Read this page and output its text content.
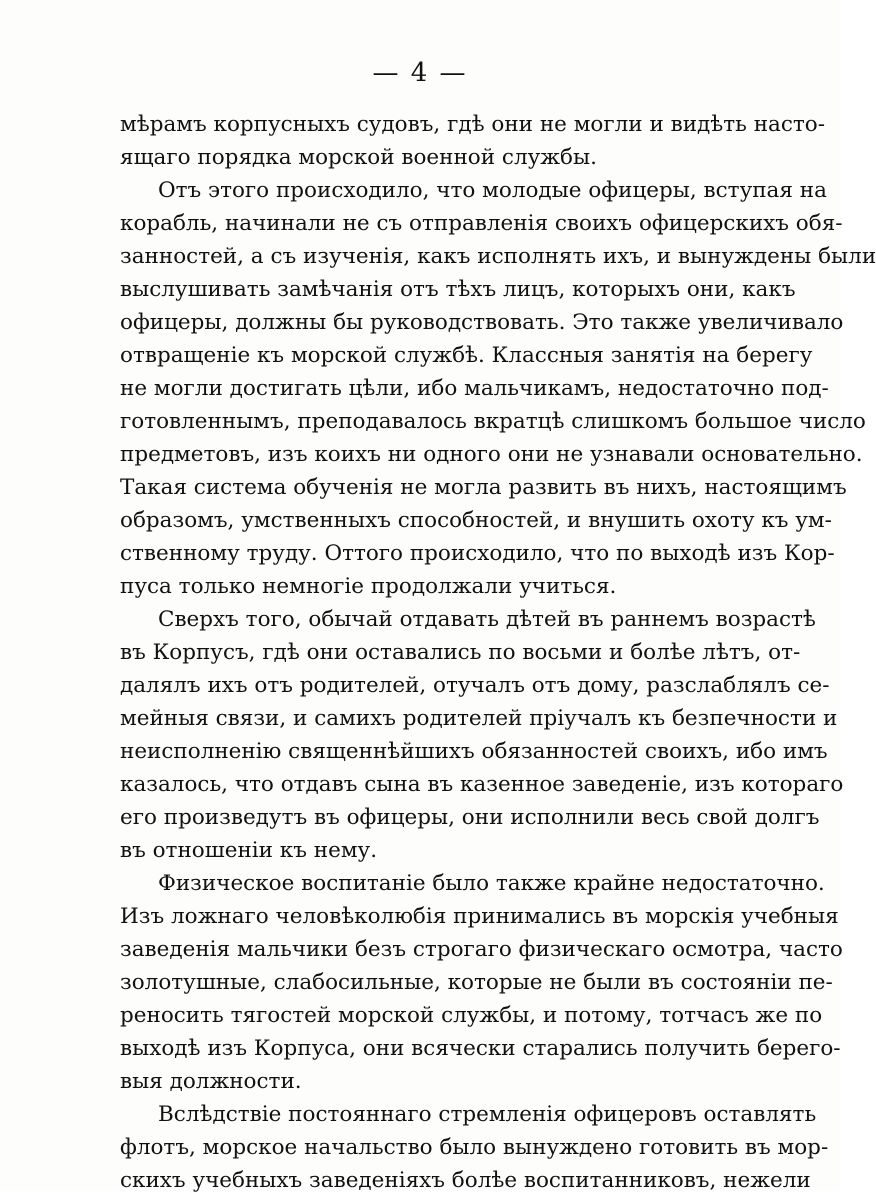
— 4 —
мѣрамъ корпусныхъ судовъ, гдѣ они не могли и видѣть насто-
ящаго порядка морской военной службы.
Отъ этого происходило, что молодые офицеры, вступая на
корабль, начинали не съ отправленія своихъ офицерскихъ обя-
занностей, а съ изученія, какъ исполнять ихъ, и вынуждены были
выслушивать замѣчанія отъ тѣхъ лицъ, которыхъ они, какъ
офицеры, должны бы руководствовать. Это также увеличивало
отвращеніе къ морской службѣ. Классныя занятія на берегу
не могли достигать цѣли, ибо мальчикамъ, недостаточно под-
готовленнымъ, преподавалось вкратцѣ слишкомъ большое число
предметовъ, изъ коихъ ни одного они не узнавали основательно.
Такая система обученія не могла развить въ нихъ, настоящимъ
образомъ, умственныхъ способностей, и внушить охоту къ ум-
ственному труду. Оттого происходило, что по выходѣ изъ Кор-
пуса только немногіе продолжали учиться.
Сверхъ того, обычай отдавать дѣтей въ раннемъ возрастѣ
въ Корпусъ, гдѣ они оставались по восьми и болѣе лѣтъ, от-
далялъ ихъ отъ родителей, отучалъ отъ дому, разслаблялъ се-
мейныя связи, и самихъ родителей пріучалъ къ безпечности и
неисполненію священнѣйшихъ обязанностей своихъ, ибо имъ
казалось, что отдавъ сына въ казенное заведеніе, изъ котораго
его произведутъ въ офицеры, они исполнили весь свой долгъ
въ отношеніи къ нему.
Физическое воспитаніе было также крайне недостаточно.
Изъ ложнаго человѣколюбія принимались въ морскія учебныя
заведенія мальчики безъ строгаго физическаго осмотра, часто
золотушные, слабосильные, которые не были въ состояніи пе-
реносить тягостей морской службы, и потому, тотчасъ же по
выходѣ изъ Корпуса, они всячески старались получить берего-
выя должности.
Вслѣдствіе постояннаго стремленія офицеровъ оставлять
флотъ, морское начальство было вынуждено готовить въ мор-
скихъ учебныхъ заведеніяхъ болѣе воспитанниковъ, нежели
